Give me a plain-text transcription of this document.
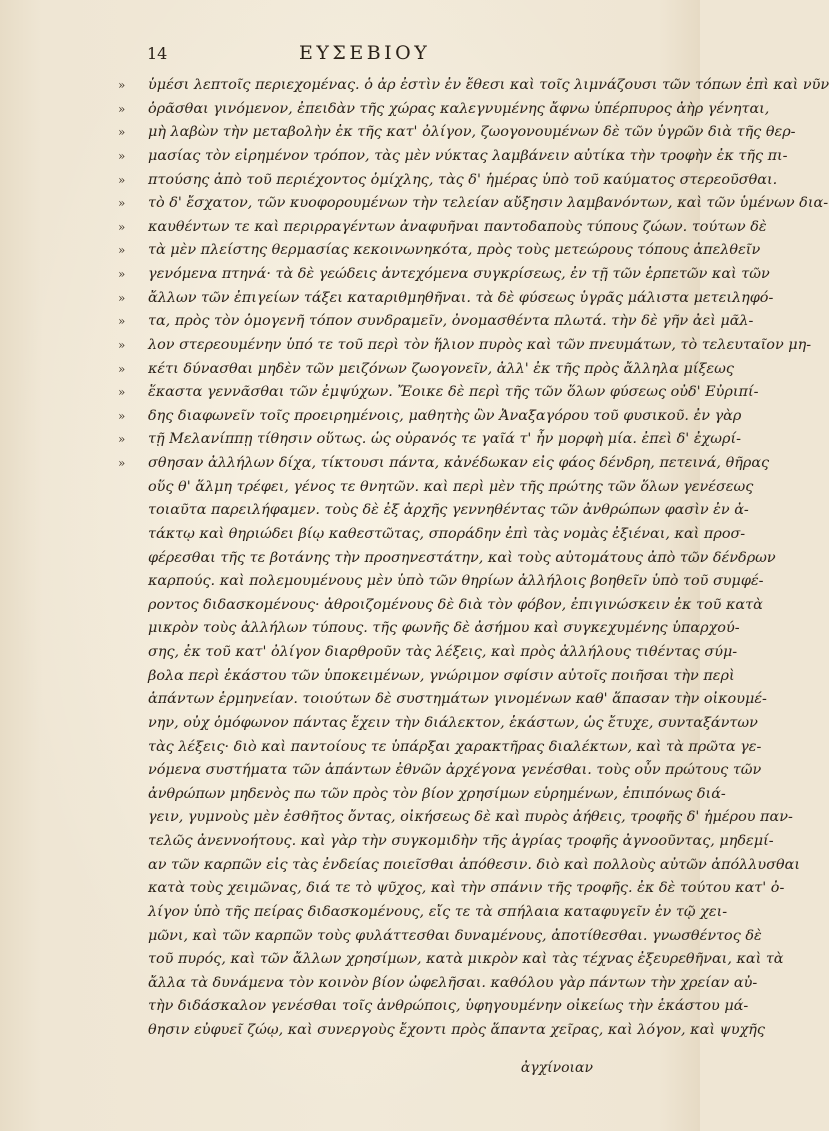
14	ΕΥΣΕΒΙΟΥ
»	ὑμέσι λεπτοῖς περιεχομένας. ὁ ἀρ ἐστὶν ἐν ἔθεσι καὶ τοῖς λιμνάζουσι τῶν τόπων ἐπὶ καὶ νῦν
»	ὁρᾶσθαι γινόμενον, ἐπειδὰν τῆς χώρας καλεγνυμένης ἄφνω ὑπέρπυρος ἀὴρ γένηται,
»	μὴ λαβὼν τὴν μεταβολὴν ἐκ τῆς κατ' ὀλίγον, ζωογονουμένων δὲ τῶν ὑγρῶν διὰ τῆς θερ-
»	μασίας τὸν εἰρημένον τρόπον, τὰς μὲν νύκτας λαμβάνειν αὐτίκα τὴν τροφὴν ἐκ τῆς πι-
»	πτούσης ἀπὸ τοῦ περιέχοντος ὁμίχλης, τὰς δ' ἡμέρας ὑπὸ τοῦ καύματος στερεοῦσθαι.
»	τὸ δ' ἔσχατον, τῶν κυοφορουμένων τὴν τελείαν αὔξησιν λαμβανόντων, καὶ τῶν ὑμένων δια-
»	καυθέντων τε καὶ περιρραγέντων ἀναφυῆναι παντοδαποὺς τύπους ζώων. τούτων δὲ
»	τὰ μὲν πλείστης θερμασίας κεκοινωνηκότα, πρὸς τοὺς μετεώρους τόπους ἀπελθεῖν
»	γενόμενα πτηνά· τὰ δὲ γεώδεις ἀντεχόμενα συγκρίσεως, ἐν τῇ τῶν ἑρπετῶν καὶ τῶν
»	ἄλλων τῶν ἐπιγείων τάξει καταριθμηθῆναι. τὰ δὲ φύσεως ὑγρᾶς μάλιστα μετειληφό-
»	τα, πρὸς τὸν ὁμογενῆ τόπον συνδραμεῖν, ὀνομασθέντα πλωτά. τὴν δὲ γῆν ἀεὶ μᾶλ-
»	λον στερεουμένην ὑπό τε τοῦ περὶ τὸν ἥλιον πυρὸς καὶ τῶν πνευμάτων, τὸ τελευταῖον μη-
»	κέτι δύνασθαι μηδὲν τῶν μειζόνων ζωογονεῖν, ἀλλ' ἐκ τῆς πρὸς ἄλληλα μίξεως
»	ἕκαστα γεννᾶσθαι τῶν ἐμψύχων. Ἔοικε δὲ περὶ τῆς τῶν ὅλων φύσεως οὐδ' Εὐριπί-
»	δης διαφωνεῖν τοῖς προειρημένοις, μαθητὴς ὢν Ἀναξαγόρου τοῦ φυσικοῦ. ἐν γὰρ
»	τῇ Μελανίππῃ τίθησιν οὕτως. ὡς οὐρανός τε γαῖά τ' ἦν μορφὴ μία. ἐπεὶ δ' ἐχωρί-
»	σθησαν ἀλλήλων δίχα, τίκτουσι πάντα, κἀνέδωκαν εἰς φάος δένδρη, πετεινά, θῆρας
οὕς θ' ἅλμη τρέφει, γένος τε θνητῶν. καὶ περὶ μὲν τῆς πρώτης τῶν ὅλων γενέσεως
τοιαῦτα παρειλήφαμεν. τοὺς δὲ ἐξ ἀρχῆς γεννηθέντας τῶν ἀνθρώπων φασὶν ἐν ἀ-
τάκτῳ καὶ θηριώδει βίῳ καθεστῶτας, σποράδην ἐπὶ τὰς νομὰς ἐξιέναι, καὶ προσ-
φέρεσθαι τῆς τε βοτάνης τὴν προσηνεστάτην, καὶ τοὺς αὐτομάτους ἀπὸ τῶν δένδρων
καρπούς. καὶ πολεμουμένους μὲν ὑπὸ τῶν θηρίων ἀλλήλοις βοηθεῖν ὑπὸ τοῦ συμφέ-
ροντος διδασκομένους· ἀθροιζομένους δὲ διὰ τὸν φόβον, ἐπιγινώσκειν ἐκ τοῦ κατὰ
μικρὸν τοὺς ἀλλήλων τύπους. τῆς φωνῆς δὲ ἀσήμου καὶ συγκεχυμένης ὑπαρχού-
σης, ἐκ τοῦ κατ' ὀλίγον διαρθροῦν τὰς λέξεις, καὶ πρὸς ἀλλήλους τιθέντας σύμ-
βολα περὶ ἑκάστου τῶν ὑποκειμένων, γνώριμον σφίσιν αὐτοῖς ποιῆσαι τὴν περὶ
ἁπάντων ἑρμηνείαν. τοιούτων δὲ συστημάτων γινομένων καθ' ἅπασαν τὴν οἰκουμέ-
νην, οὐχ ὁμόφωνον πάντας ἔχειν τὴν διάλεκτον, ἑκάστων, ὡς ἔτυχε, συνταξάντων
τὰς λέξεις· διὸ καὶ παντοίους τε ὑπάρξαι χαρακτῆρας διαλέκτων, καὶ τὰ πρῶτα γε-
νόμενα συστήματα τῶν ἁπάντων ἐθνῶν ἀρχέγονα γενέσθαι. τοὺς οὖν πρώτους τῶν
ἀνθρώπων μηδενὸς πω τῶν πρὸς τὸν βίον χρησίμων εὑρημένων, ἐπιπόνως διά-
γειν, γυμνοὺς μὲν ἐσθῆτος ὄντας, οἰκήσεως δὲ καὶ πυρὸς ἀήθεις, τροφῆς δ' ἡμέρου παν-
τελῶς ἀνεννοήτους. καὶ γὰρ τὴν συγκομιδὴν τῆς ἀγρίας τροφῆς ἀγνοοῦντας, μηδεμί-
αν τῶν καρπῶν εἰς τὰς ἐνδείας ποιεῖσθαι ἀπόθεσιν. διὸ καὶ πολλοὺς αὐτῶν ἀπόλλυσθαι
κατὰ τοὺς χειμῶνας, διά τε τὸ ψῦχος, καὶ τὴν σπάνιν τῆς τροφῆς. ἐκ δὲ τούτου κατ' ὀ-
λίγον ὑπὸ τῆς πείρας διδασκομένους, εἴς τε τὰ σπήλαια καταφυγεῖν ἐν τῷ χει-
μῶνι, καὶ τῶν καρπῶν τοὺς φυλάττεσθαι δυναμένους, ἀποτίθεσθαι. γνωσθέντος δὲ
τοῦ πυρός, καὶ τῶν ἄλλων χρησίμων, κατὰ μικρὸν καὶ τὰς τέχνας ἐξευρεθῆναι, καὶ τὰ
ἄλλα τὰ δυνάμενα τὸν κοινὸν βίον ὠφελῆσαι. καθόλου γὰρ πάντων τὴν χρείαν αὐ-
τὴν διδάσκαλον γενέσθαι τοῖς ἀνθρώποις, ὑφηγουμένην οἰκείως τὴν ἑκάστου μά-
θησιν εὐφυεῖ ζώῳ, καὶ συνεργοὺς ἔχοντι πρὸς ἅπαντα χεῖρας, καὶ λόγον, καὶ ψυχῆς
ἀγχίνοιαν
